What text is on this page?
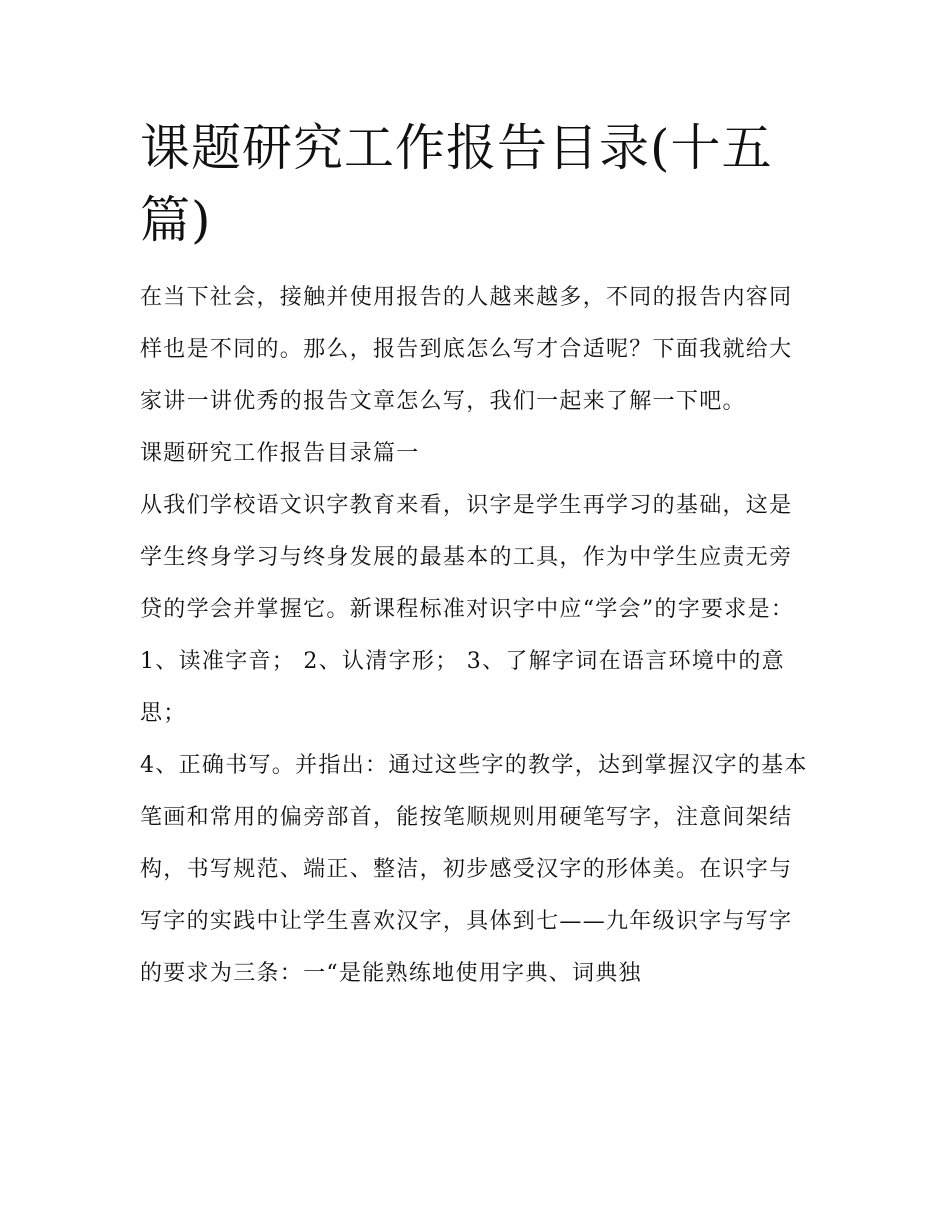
课题研究工作报告目录(十五篇)

在当下社会，接触并使用报告的人越来越多，不同的报告内容同样也是不同的。那么，报告到底怎么写才合适呢？下面我就给大家讲一讲优秀的报告文章怎么写，我们一起来了解一下吧。

课题研究工作报告目录篇一

从我们学校语文识字教育来看，识字是学生再学习的基础，这是学生终身学习与终身发展的最基本的工具，作为中学生应责无旁贷的学会并掌握它。新课程标准对识字中应“学会”的字要求是：

1、读准字音； 2、认清字形； 3、了解字词在语言环境中的意思；

4、正确书写。并指出：通过这些字的教学，达到掌握汉字的基本笔画和常用的偏旁部首，能按笔顺规则用硬笔写字，注意间架结构，书写规范、端正、整洁，初步感受汉字的形体美。在识字与写字的实践中让学生喜欢汉字，具体到七——九年级识字与写字的要求为三条：一“是能熟练地使用字典、词典独
